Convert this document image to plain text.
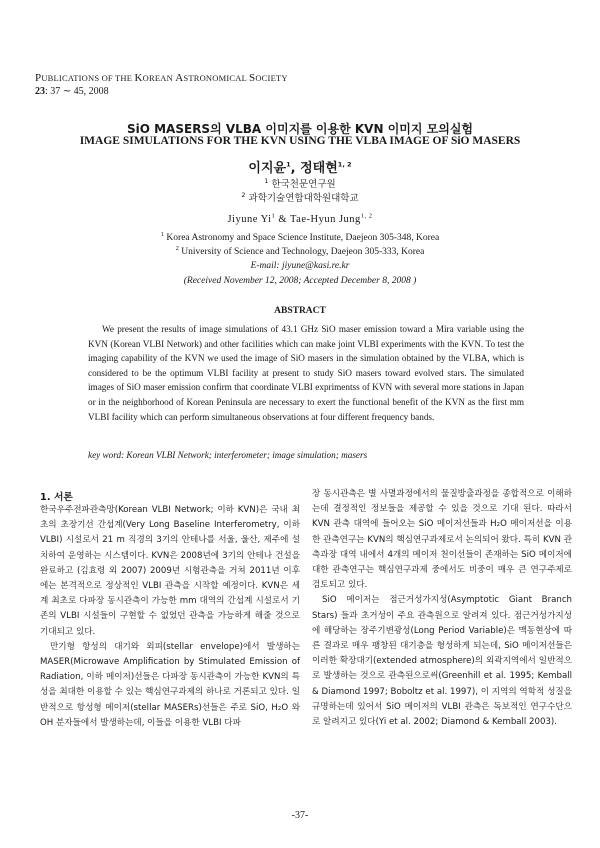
PUBLICATIONS OF THE KOREAN ASTRONOMICAL SOCIETY
23: 37 ∼ 45, 2008
SiO MASERS의 VLBA 이미지를 이용한 KVN 이미지 모의실험
IMAGE SIMULATIONS FOR THE KVN USING THE VLBA IMAGE OF SiO MASERS
이지윤$^1$, 정태현$^{1, 2}$
$^1$ 한국천문연구원
$^2$ 과학기술연합대학원대학교
Jiyune Yi$^1$ & Tae-Hyun Jung$^{1, 2}$
$^1$ Korea Astronomy and Space Science Institute, Daejeon 305-348, Korea
$^2$ University of Science and Technology, Daejeon 305-333, Korea
E-mail: jiyune@kasi.re.kr
(Received November 12, 2008; Accepted December 8, 2008 )
ABSTRACT
We present the results of image simulations of 43.1 GHz SiO maser emission toward a Mira variable using the KVN (Korean VLBI Network) and other facilities which can make joint VLBI experiments with the KVN. To test the imaging capability of the KVN we used the image of SiO masers in the simulation obtained by the VLBA, which is considered to be the optimum VLBI facility at present to study SiO masers toward evolved stars. The simulated images of SiO maser emission confirm that coordinate VLBI exprimentss of KVN with several more stations in Japan or in the neighborhood of Korean Peninsula are necessary to exert the functional benefit of the KVN as the first mm VLBI facility which can perform simultaneous observations at four different frequency bands.
key word: Korean VLBI Network; interferometer; image simulation; masers
1. 서론

한국우주전파관측망(Korean VLBI Network; 이하 KVN)은 국내 최초의 초장기선 간섭계(Very Long Baseline Interferometry, 이하 VLBI) 시설로서 21 m 직경의 3기의 안테나를 서울, 울산, 제주에 설치하여 운영하는 시스템이다. KVN은 2008년에 3기의 안테나 건설을 완료하고 (김효령 외 2007) 2009년 시험관측을 거쳐 2011년 이후에는 본격적으로 정상적인 VLBI 관측을 시작할 예정이다. KVN은 세계 최초로 다파장 동시관측이 가능한 mm 대역의 간섭계 시설로서 기존의 VLBI 시설들이 구현할 수 없었던 관측을 가능하게 해줄 것으로 기대되고 있다.

만기형 항성의 대기와 외피(stellar envelope)에서 발생하는 MASER(Microwave Amplification by Stimulated Emission of Radiation, 이하 메이저)선들은 다파장 동시관측이 가능한 KVN의 특성을 최대한 이용할 수 있는 핵심연구과제의 하나로 거론되고 있다. 일반적으로 항성형 메이저(stellar MASERs)선들은 주로 SiO, H₂O 와 OH 분자들에서 발생하는데, 이들을 이용한 VLBI 다파

장 동시관측은 별 사멸과정에서의 물질방출과정을 종합적으로 이해하는데 결정적인 정보들을 제공할 수 있을 것으로 기대 된다. 따라서 KVN 관측 대역에 들어오는 SiO 메이저선들과 H₂O 메이저선을 이용한 관측연구는 KVN의 핵심연구과제로서 논의되어 왔다. 특히 KVN 관측과장 대역 내에서 4개의 메이저 천이선들이 존재하는 SiO 메이저에 대한 관측연구는 핵심연구과제 중에서도 비중이 매우 큰 연구주제로 검토되고 있다.

SiO 메이저는 점근거성가지성(Asymptotic Giant Branch Stars) 들과 초거성이 주요 관측원으로 알려져 있다. 점근거성가지성에 해당하는 장주기변광성(Long Period Variable)은 맥동현상에 따른 결과로 매우 팽창된 대기층을 형성하게 되는데, SiO 메이저선들은 이러한 확장대기(extended atmosphere)의 외곽지역에서 일반적으로 발생하는 것으로 관측된으로써(Greenhill et al. 1995; Kemball & Diamond 1997; Boboltz et al. 1997), 이 지역의 역학적 성질을 규명하는데 있어서 SiO 메이저의 VLBI 관측은 독보적인 연구수단으로 알려지고 있다(Yi et al. 2002; Diamond & Kemball 2003).

-37-
